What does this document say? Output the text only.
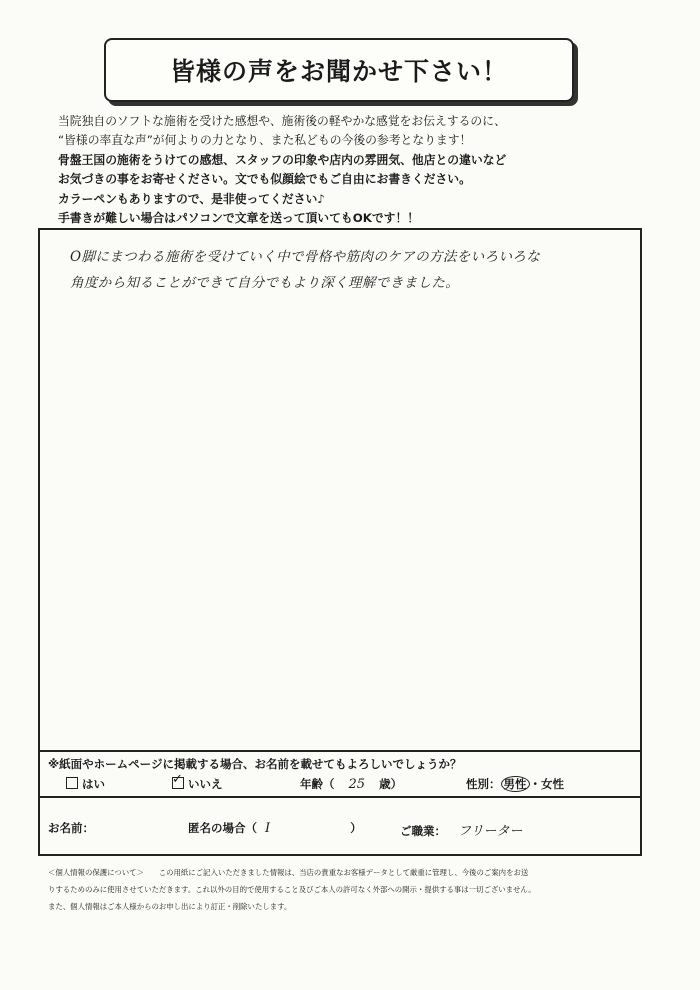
皆様の声をお聞かせ下さい！
当院独自のソフトな施術を受けた感想や、施術後の軽やかな感覚をお伝えするのに、
“皆様の率直な声”が何よりの力となり、また私どもの今後の参考となります！
骨盤王国の施術をうけての感想、スタッフの印象や店内の雰囲気、他店との違いなど
お気づきの事をお寄せください。文でも似顔絵でもご自由にお書きください。
カラーペンもありますので、是非使ってください♪
手書きが難しい場合はパソコンで文章を送って頂いてもOKです！！
O脚にまつわる施術を受けていく中で骨格や筋肉のケアの方法をいろいろな
角度から知ることができて自分でもより深く理解できました。
※紙面やホームページに掲載する場合、お名前を載せてもよろしいでしょうか？
はい
✓	いいえ	年齢（ 25 歳）	性別： 男性 ・女性
お名前：	匿名の場合（ I	）	ご職業： フリーター
＜個人情報の保護について＞　　この用紙にご記入いただきました情報は、当店の貴重なお客様データとして厳重に管理し、今後のご案内をお送
りするためのみに使用させていただきます。これ以外の目的で使用すること及びご本人の許可なく外部への開示・提供する事は一切ございません。
また、個人情報はご本人様からのお申し出により訂正・削除いたします。
